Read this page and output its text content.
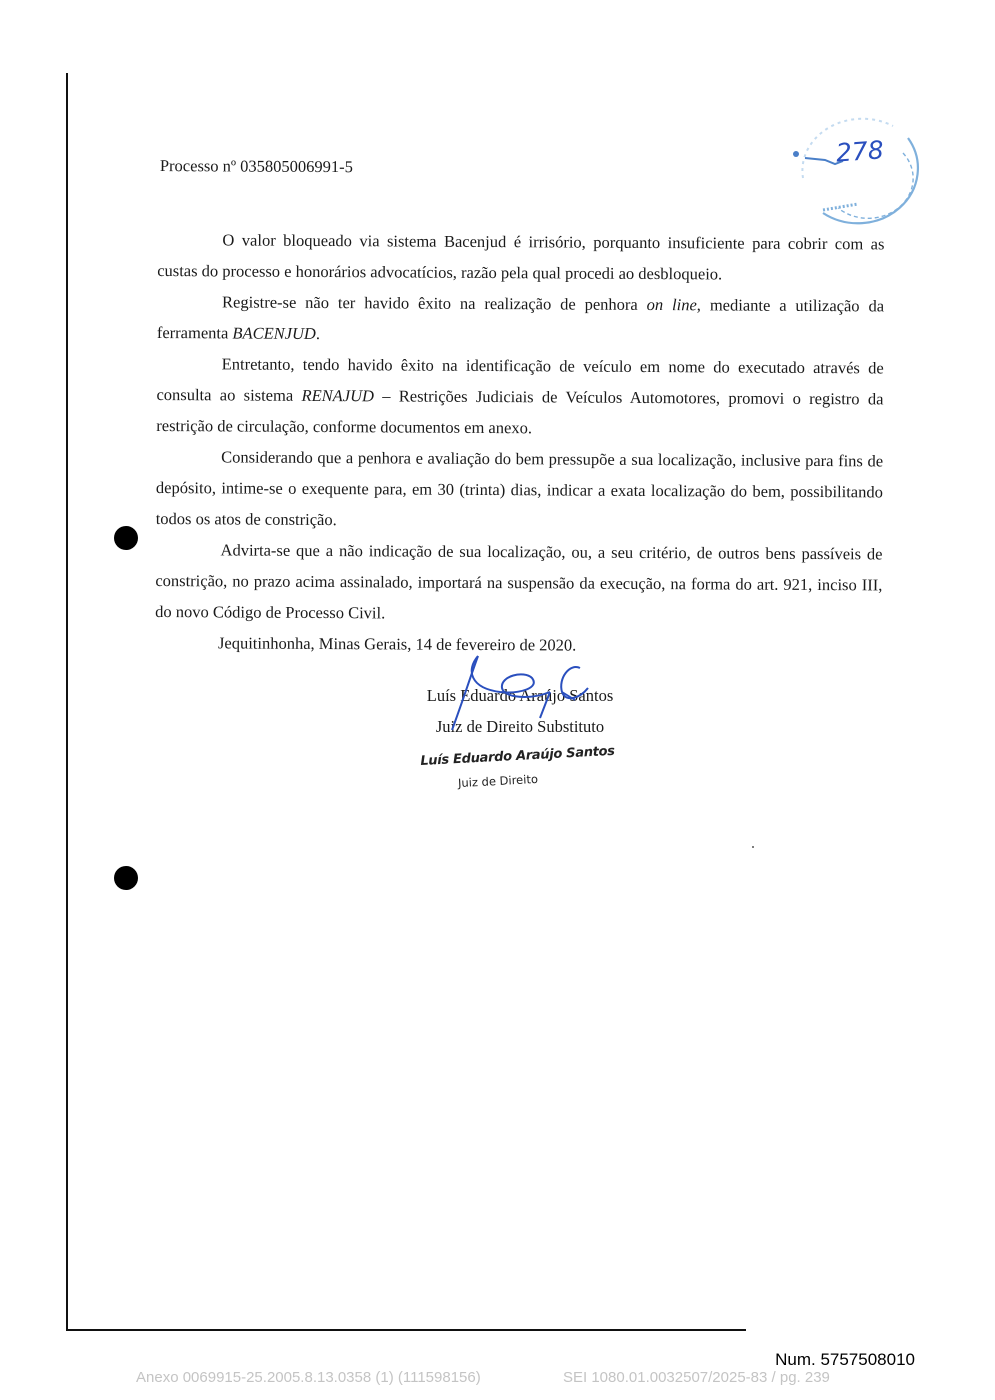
278

Processo nº 035805006991-5

O valor bloqueado via sistema Bacenjud é irrisório, porquanto insuficiente para cobrir com as custas do processo e honorários advocatícios, razão pela qual procedi ao desbloqueio.

Registre-se não ter havido êxito na realização de penhora on line, mediante a utilização da ferramenta BACENJUD.

Entretanto, tendo havido êxito na identificação de veículo em nome do executado através de consulta ao sistema RENAJUD – Restrições Judiciais de Veículos Automotores, promovi o registro da restrição de circulação, conforme documentos em anexo.

Considerando que a penhora e avaliação do bem pressupõe a sua localização, inclusive para fins de depósito, intime-se o exequente para, em 30 (trinta) dias, indicar a exata localização do bem, possibilitando todos os atos de constrição.

Advirta-se que a não indicação de sua localização, ou, a seu critério, de outros bens passíveis de constrição, no prazo acima assinalado, importará na suspensão da execução, na forma do art. 921, inciso III, do novo Código de Processo Civil.

Jequitinhonha, Minas Gerais, 14 de fevereiro de 2020.

Luís Eduardo Araújo Santos
Juiz de Direito Substituto
Luís Eduardo Araújo Santos
Juiz de Direito
Num. 5757508010
Anexo 0069915-25.2005.8.13.0358 (1) (111598156)	SEI 1080.01.0032507/2025-83 / pg. 239
